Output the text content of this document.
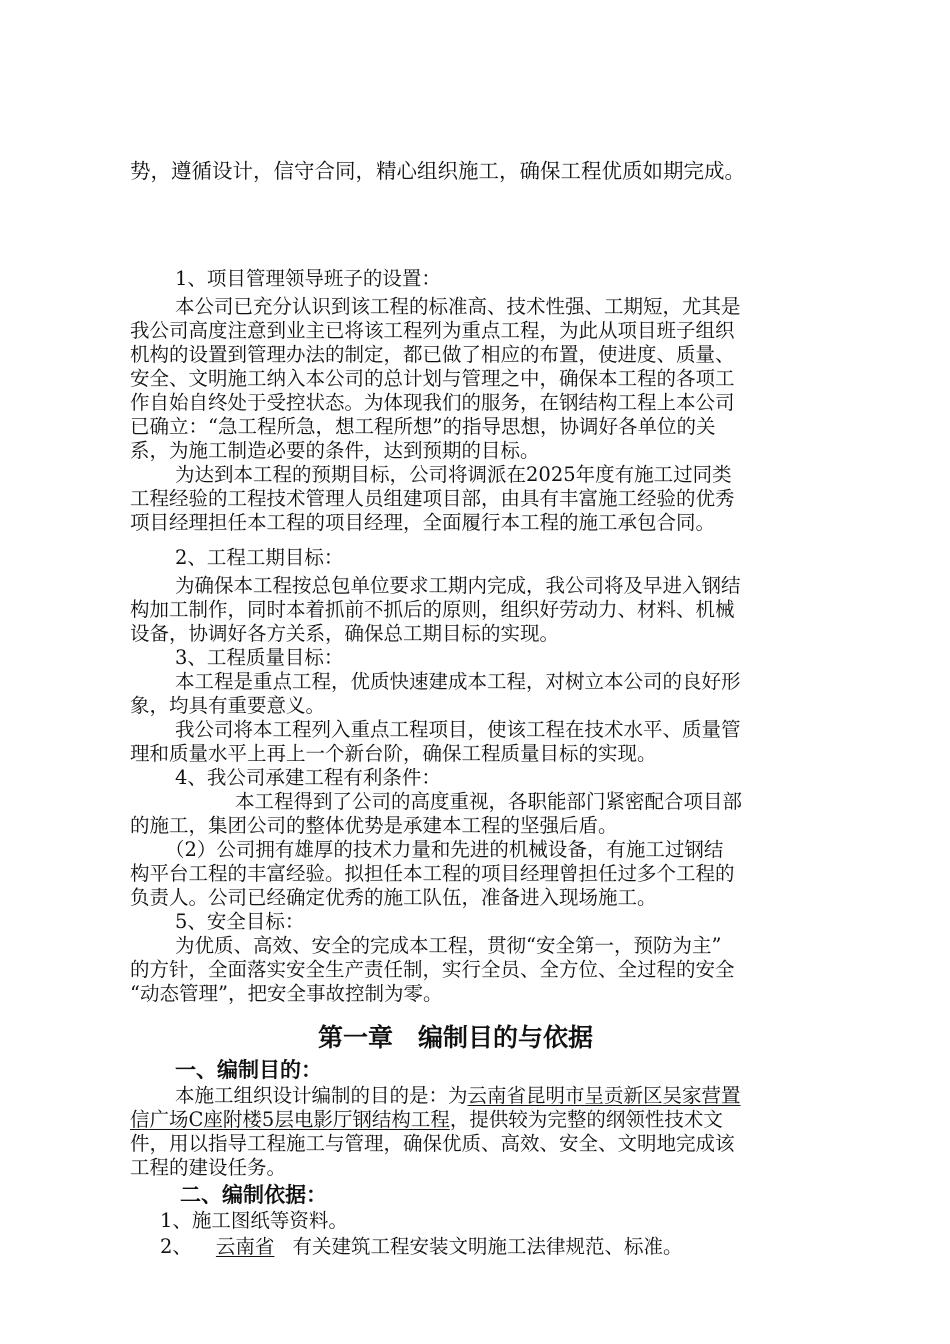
势，遵循设计，信守合同，精心组织施工，确保工程优质如期完成。
1、项目管理领导班子的设置：
本公司已充分认识到该工程的标准高、技术性强、工期短，尤其是
我公司高度注意到业主已将该工程列为重点工程，为此从项目班子组织
机构的设置到管理办法的制定，都已做了相应的布置，使进度、质量、
安全、文明施工纳入本公司的总计划与管理之中，确保本工程的各项工
作自始自终处于受控状态。为体现我们的服务，在钢结构工程上本公司
已确立：“急工程所急，想工程所想”的指导思想，协调好各单位的关
系，为施工制造必要的条件，达到预期的目标。
为达到本工程的预期目标，公司将调派在2025年度有施工过同类
工程经验的工程技术管理人员组建项目部，由具有丰富施工经验的优秀
项目经理担任本工程的项目经理，全面履行本工程的施工承包合同。
2、工程工期目标：
为确保本工程按总包单位要求工期内完成，我公司将及早进入钢结
构加工制作，同时本着抓前不抓后的原则，组织好劳动力、材料、机械
设备，协调好各方关系，确保总工期目标的实现。
3、工程质量目标：
本工程是重点工程，优质快速建成本工程，对树立本公司的良好形
象，均具有重要意义。
我公司将本工程列入重点工程项目，使该工程在技术水平、质量管
理和质量水平上再上一个新台阶，确保工程质量目标的实现。
4、我公司承建工程有利条件：
本工程得到了公司的高度重视，各职能部门紧密配合项目部
的施工，集团公司的整体优势是承建本工程的坚强后盾。
（2）公司拥有雄厚的技术力量和先进的机械设备，有施工过钢结
构平台工程的丰富经验。拟担任本工程的项目经理曾担任过多个工程的
负责人。公司已经确定优秀的施工队伍，准备进入现场施工。
5、安全目标：
为优质、高效、安全的完成本工程，贯彻“安全第一，预防为主”
的方针，全面落实安全生产责任制，实行全员、全方位、全过程的安全
“动态管理”，把安全事故控制为零。
第一章　编制目的与依据
一、编制目的：
本施工组织设计编制的目的是：为云南省昆明市呈贡新区吴家营置
信广场C座附楼5层电影厅钢结构工程，提供较为完整的纲领性技术文
件，用以指导工程施工与管理，确保优质、高效、安全、文明地完成该
工程的建设任务。
二、编制依据：
1、施工图纸等资料。
2、 云南省 有关建筑工程安装文明施工法律规范、标准。
